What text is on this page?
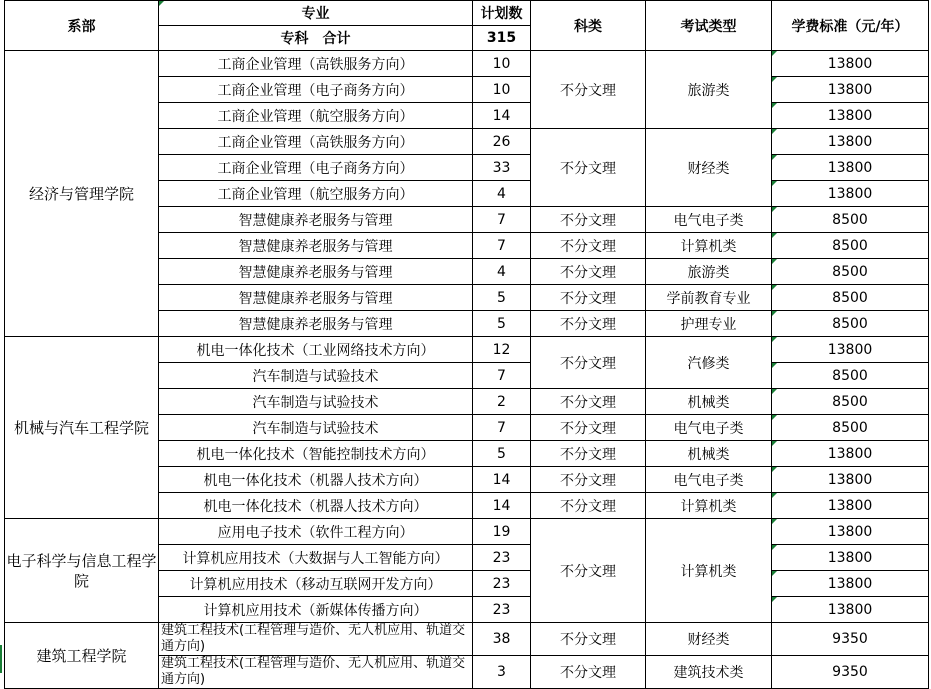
系部	专业	计划数	科类	考试类型	学费标准（元/年）
	专科　合计	315			
经济与管理学院	工商企业管理（高铁服务方向）	10	不分文理	旅游类	13800
	工商企业管理（电子商务方向）	10			13800
	工商企业管理（航空服务方向）	14			13800
	工商企业管理（高铁服务方向）	26	不分文理	财经类	13800
	工商企业管理（电子商务方向）	33			13800
	工商企业管理（航空服务方向）	4			13800
	智慧健康养老服务与管理	7	不分文理	电气电子类	8500
	智慧健康养老服务与管理	7	不分文理	计算机类	8500
	智慧健康养老服务与管理	4	不分文理	旅游类	8500
	智慧健康养老服务与管理	5	不分文理	学前教育专业	8500
	智慧健康养老服务与管理	5	不分文理	护理专业	8500
机械与汽车工程学院	机电一体化技术（工业网络技术方向）	12	不分文理	汽修类	13800
	汽车制造与试验技术	7			8500
	汽车制造与试验技术	2	不分文理	机械类	8500
	汽车制造与试验技术	7	不分文理	电气电子类	8500
	机电一体化技术（智能控制技术方向）	5	不分文理	机械类	13800
	机电一体化技术（机器人技术方向）	14	不分文理	电气电子类	13800
	机电一体化技术（机器人技术方向）	14	不分文理	计算机类	13800
电子科学与信息工程学院	应用电子技术（软件工程方向）	19	不分文理	计算机类	13800
	计算机应用技术（大数据与人工智能方向）	23			13800
	计算机应用技术（移动互联网开发方向）	23			13800
	计算机应用技术（新媒体传播方向）	23			13800
建筑工程学院	建筑工程技术(工程管理与造价、无人机应用、轨道交通方向)	38	不分文理	财经类	9350
	建筑工程技术(工程管理与造价、无人机应用、轨道交通方向)	3	不分文理	建筑技术类	9350
